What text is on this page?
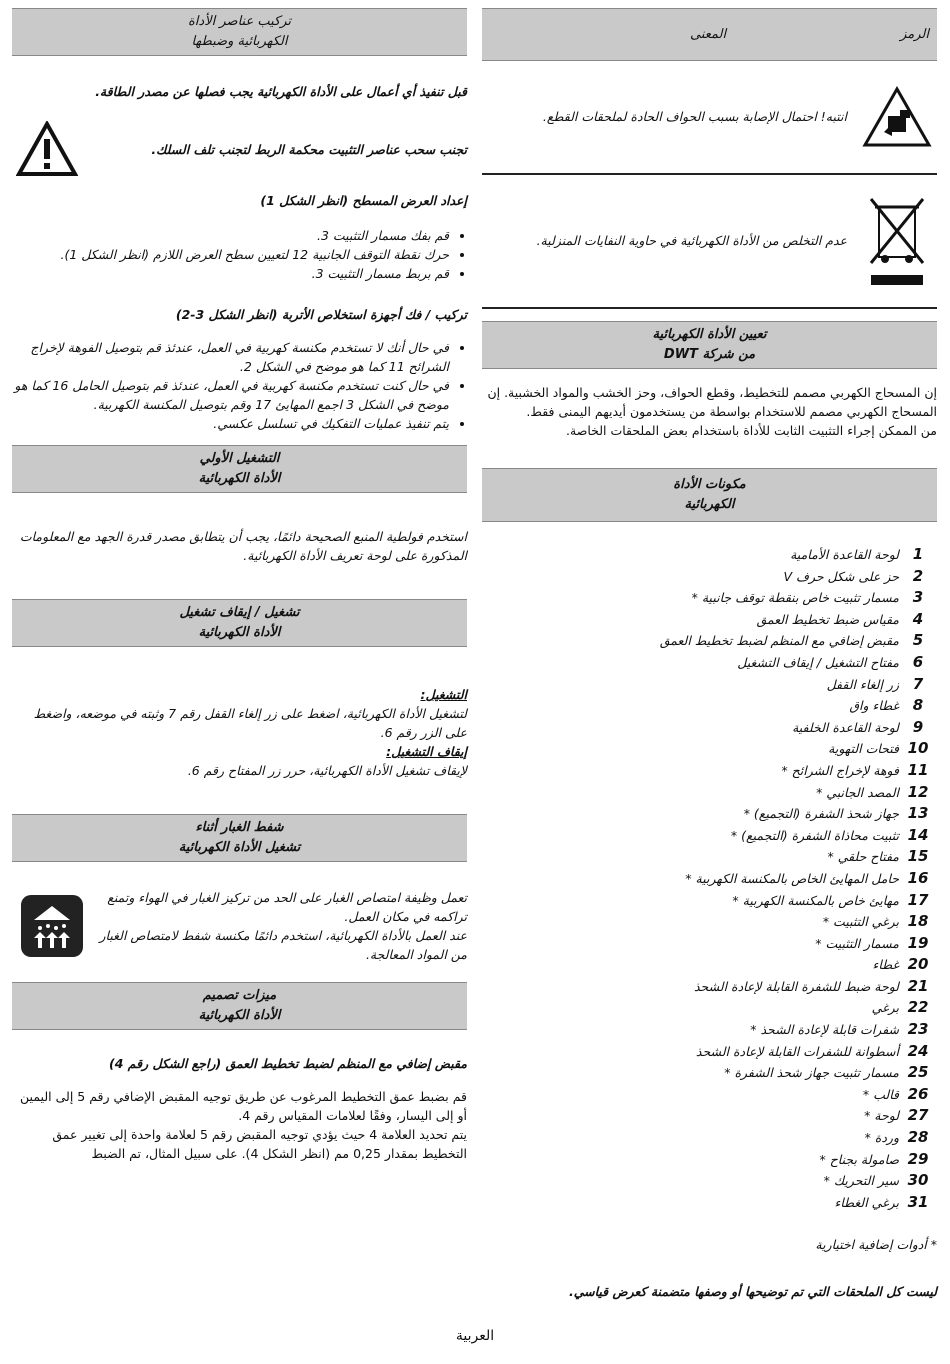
الرمز
المعنى
انتبه! احتمال الإصابة بسبب الحواف الحادة لملحقات القطع.
عدم التخلص من الأداة الكهربائية في حاوية النفايات المنزلية.
تعيين الأداة الكهربائية
من شركة DWT

إن المسحاج الكهربي مصمم للتخطيط، وقطع الحواف، وحز الخشب والمواد الخشبية. إن المسحاج الكهربي مصمم للاستخدام بواسطة من يستخدمون أيديهم اليمنى فقط.

من الممكن إجراء التثبيت الثابت للأداة باستخدام بعض الملحقات الخاصة.

مكونات الأداة
الكهربائية
1
لوحة القاعدة الأمامية
2
حز على شكل حرف V
3
مسمار تثبيت خاص بنقطة توقف جانبية *
4
مقياس ضبط تخطيط العمق
5
مقبض إضافي مع المنظم لضبط تخطيط العمق
6
مفتاح التشغيل / إيقاف التشغيل
7
زر إلغاء القفل
8
غطاء واق
9
لوحة القاعدة الخلفية
10
فتحات التهوية
11
فوهة لإخراج الشرائح *
12
المصد الجانبي *
13
جهاز شحذ الشفرة (التجميع) *
14
تثبيت محاذاة الشفرة (التجميع) *
15
مفتاح حلقي *
16
حامل المهايئ الخاص بالمكنسة الكهربية *
17
مهايئ خاص بالمكنسة الكهربية *
18
برغي التثبيت *
19
مسمار التثبيت *
20
غطاء
21
لوحة ضبط للشفرة القابلة لإعادة الشحذ
22
برغي
23
شفرات قابلة لإعادة الشحذ *
24
أسطوانة للشفرات القابلة لإعادة الشحذ
25
مسمار تثبيت جهاز شحذ الشفرة *
26
قالب *
27
لوحة *
28
وردة *
29
صامولة بجناح *
30
سير التحريك *
31
برغي الغطاء

* أدوات إضافية اختيارية

ليست كل الملحقات التي تم توضيحها أو وصفها متضمنة كعرض قياسي.

تركيب عناصر الأداة
الكهربائية وضبطها

قبل تنفيذ أي أعمال على الأداة الكهربائية يجب فصلها عن مصدر الطاقة.

تجنب سحب عناصر التثبيت محكمة الربط لتجنب تلف السلك.

إعداد العرض المسطح (انظر الشكل 1)

• قم بفك مسمار التثبيت 3.
• حرك نقطة التوقف الجانبية 12 لتعيين سطح العرض اللازم (انظر الشكل 1).
• قم بربط مسمار التثبيت 3.

تركيب / فك أجهزة استخلاص الأتربة (انظر الشكل 3-2)

• في حال أنك لا تستخدم مكنسة كهربية في العمل، عندئذ قم بتوصيل الفوهة لإخراج الشرائح 11 كما هو موضح في الشكل 2.
• في حال كنت تستخدم مكنسة كهربية في العمل، عندئذ قم بتوصيل الحامل 16 كما هو موضح في الشكل 3 اجمع المهايئ 17 وقم بتوصيل المكنسة الكهربية.
• يتم تنفيذ عمليات التفكيك في تسلسل عكسي.
التشغيل الأولي
الأداة الكهربائية

استخدم فولطية المنبع الصحيحة دائمًا، يجب أن يتطابق مصدر قدرة الجهد مع المعلومات المذكورة على لوحة تعريف الأداة الكهربائية.

تشغيل / إيقاف تشغيل
الأداة الكهربائية

التشغيل:

لتشغيل الأداة الكهربائية، اضغط على زر إلغاء القفل رقم 7 وثبته في موضعه، واضغط على الزر رقم 6.

إيقاف التشغيل:

لإيقاف تشغيل الأداة الكهربائية، حرر زر المفتاح رقم 6.

شفط الغبار أثناء
تشغيل الأداة الكهربائية

تعمل وظيفة امتصاص الغبار على الحد من تركيز الغبار في الهواء وتمنع تراكمه في مكان العمل.

عند العمل بالأداة الكهربائية، استخدم دائمًا مكنسة شفط لامتصاص الغبار من المواد المعالجة.

ميزات تصميم
الأداة الكهربائية

مقبض إضافي مع المنظم لضبط تخطيط العمق (راجع الشكل رقم 4)

قم بضبط عمق التخطيط المرغوب عن طريق توجيه المقبض الإضافي رقم 5 إلى اليمين أو إلى اليسار، وفقًا لعلامات المقياس رقم 4.

يتم تحديد العلامة 4 حيث يؤدي توجيه المقبض رقم 5 لعلامة واحدة إلى تغيير عمق التخطيط بمقدار 0,25 مم (انظر الشكل 4). على سبيل المثال، تم الضبط

العربية
